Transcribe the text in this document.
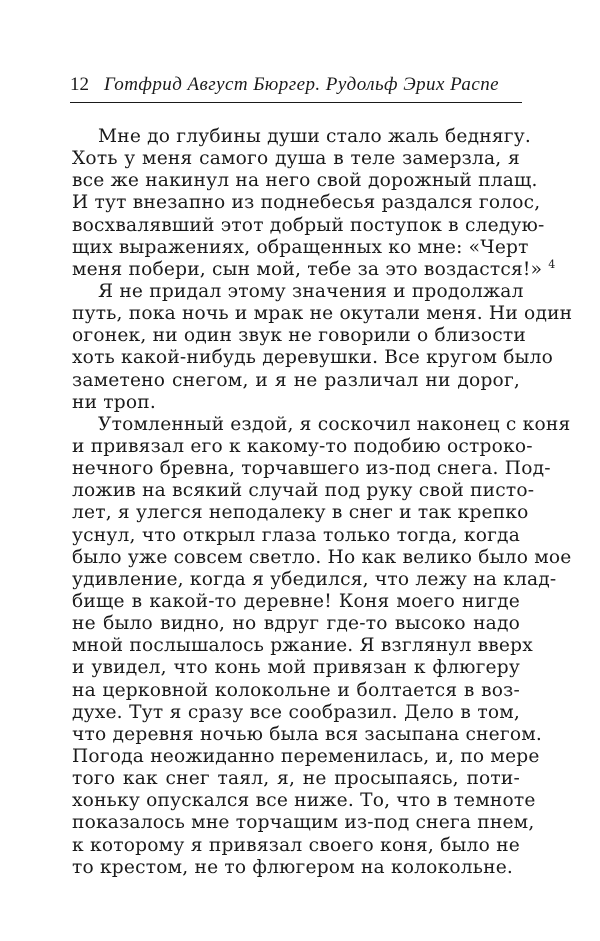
12 Готфрид Август Бюргер. Рудольф Эрих Распе
Мне до глубины души стало жаль беднягу.
Хоть у меня самого душа в теле замерзла, я
все же накинул на него свой дорожный плащ.
И тут внезапно из поднебесья раздался голос,
восхвалявший этот добрый поступок в следую-
щих выражениях, обращенных ко мне: «Черт
меня побери, сын мой, тебе за это воздастся!» $^4$
Я не придал этому значения и продолжал
путь, пока ночь и мрак не окутали меня. Ни один
огонек, ни один звук не говорили о близости
хоть какой-нибудь деревушки. Все кругом было
заметено снегом, и я не различал ни дорог,
ни троп.
Утомленный ездой, я соскочил наконец с коня
и привязал его к какому-то подобию острокo-
нечного бревна, торчавшего из-под снега. Под-
ложив на всякий случай под руку свой писто-
лет, я улегся неподалеку в снег и так крепко
уснул, что открыл глаза только тогда, когда
было уже совсем светло. Но как велико было мое
удивление, когда я убедился, что лежу на клад-
бище в какой-то деревне! Коня моего нигде
не было видно, но вдруг где-то высоко надо
мной послышалось ржание. Я взглянул вверх
и увидел, что конь мой привязан к флюгеру
на церковной колокольне и болтается в воз-
духе. Тут я сразу все сообразил. Дело в том,
что деревня ночью была вся засыпана снегом.
Погода неожиданно переменилась, и, по мере
того как снег таял, я, не просыпаясь, поти-
хоньку опускался все ниже. То, что в темноте
показалось мне торчащим из-под снега пнем,
к которому я привязал своего коня, было не
то крестом, не то флюгером на колокольне.
